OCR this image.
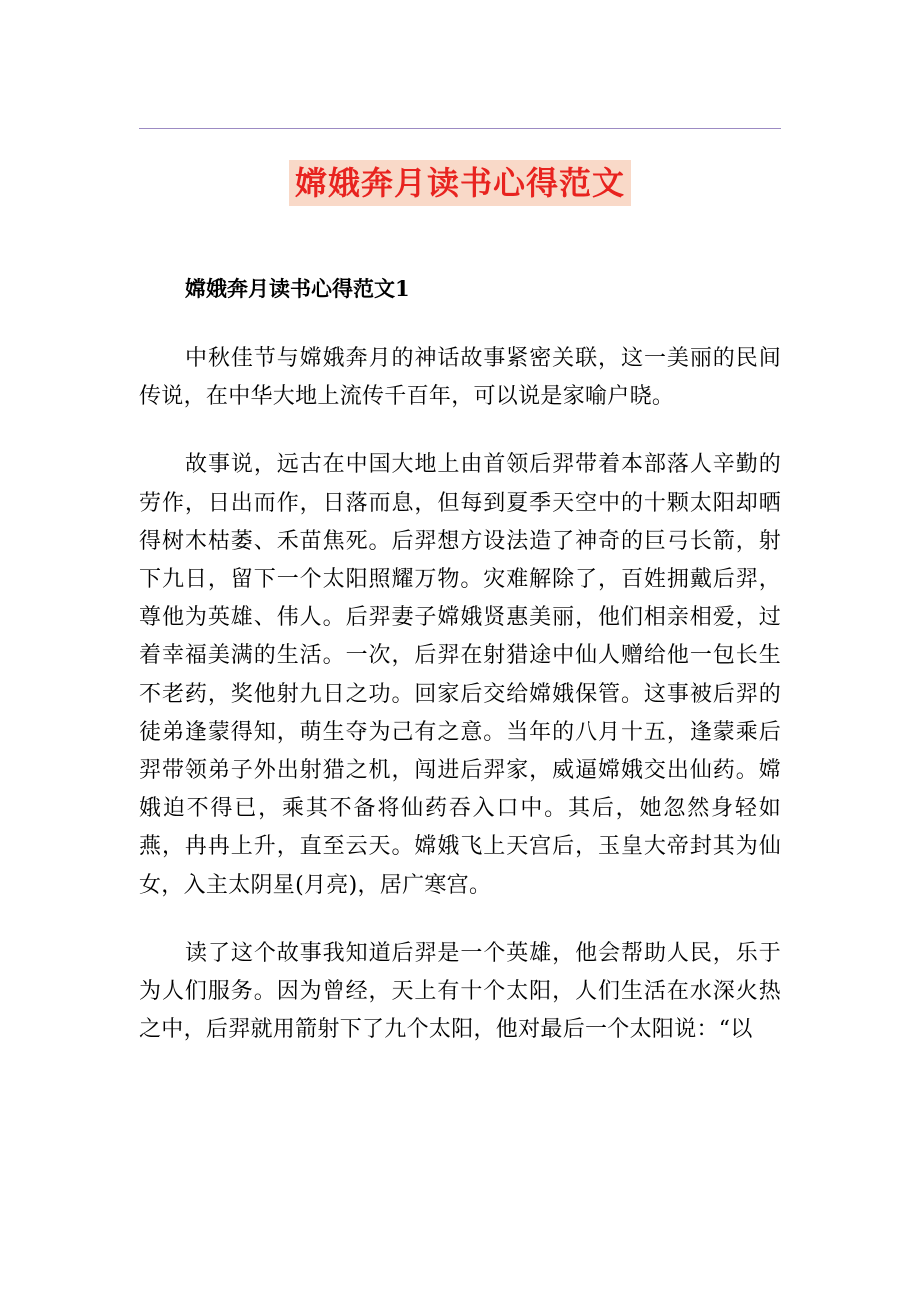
嫦娥奔月读书心得范文

嫦娥奔月读书心得范文1

中秋佳节与嫦娥奔月的神话故事紧密关联，这一美丽的民间传说，在中华大地上流传千百年，可以说是家喻户晓。

故事说，远古在中国大地上由首领后羿带着本部落人辛勤的劳作，日出而作，日落而息，但每到夏季天空中的十颗太阳却晒得树木枯萎、禾苗焦死。后羿想方设法造了神奇的巨弓长箭，射下九日，留下一个太阳照耀万物。灾难解除了，百姓拥戴后羿，尊他为英雄、伟人。后羿妻子嫦娥贤惠美丽，他们相亲相爱，过着幸福美满的生活。一次，后羿在射猎途中仙人赠给他一包长生不老药，奖他射九日之功。回家后交给嫦娥保管。这事被后羿的徒弟逢蒙得知，萌生夺为己有之意。当年的八月十五，逢蒙乘后羿带领弟子外出射猎之机，闯进后羿家，威逼嫦娥交出仙药。嫦娥迫不得已，乘其不备将仙药吞入口中。其后，她忽然身轻如燕，冉冉上升，直至云天。嫦娥飞上天宫后，玉皇大帝封其为仙女，入主太阴星(月亮)，居广寒宫。

读了这个故事我知道后羿是一个英雄，他会帮助人民，乐于为人们服务。因为曾经，天上有十个太阳，人们生活在水深火热之中，后羿就用箭射下了九个太阳，他对最后一个太阳说：“以
